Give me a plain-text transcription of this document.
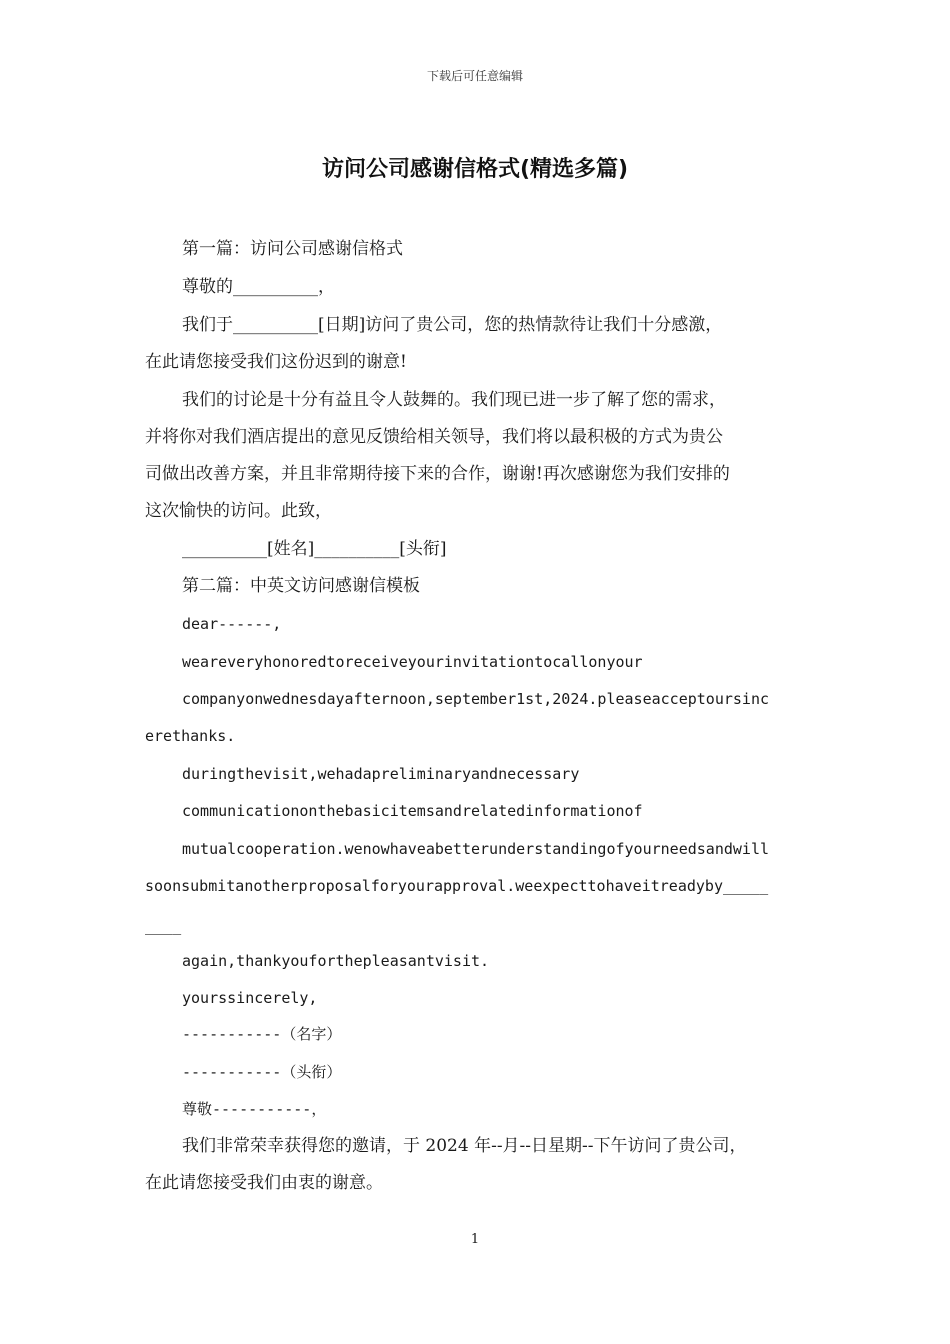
下载后可任意编辑
访问公司感谢信格式(精选多篇)
第一篇：访问公司感谢信格式
尊敬的__________，
我们于__________[日期]访问了贵公司，您的热情款待让我们十分感激，
在此请您接受我们这份迟到的谢意!
我们的讨论是十分有益且令人鼓舞的。我们现已进一步了解了您的需求，
并将你对我们酒店提出的意见反馈给相关领导，我们将以最积极的方式为贵公
司做出改善方案，并且非常期待接下来的合作，谢谢!再次感谢您为我们安排的
这次愉快的访问。此致，
__________[姓名]__________[头衔]
第二篇：中英文访问感谢信模板
dear------,
weareveryhonoredtoreceiveyourinvitationtocallonyour
companyonwednesdayafternoon,september1st,2024.pleaseacceptoursinc
erethanks.
duringthevisit,wehadapreliminaryandnecessary
communicationonthebasicitemsandrelatedinformationof
mutualcooperation.wenowhaveabetterunderstandingofyourneedsandwill
soonsubmitanotherproposalforyourapproval.weexpecttohaveitreadyby_____
____
again,thankyouforthepleasantvisit.
yourssincerely,
-----------（名字）
-----------（头衔）
尊敬-----------，
我们非常荣幸获得您的邀请，于 2024 年--月--日星期--下午访问了贵公司，
在此请您接受我们由衷的谢意。
1
